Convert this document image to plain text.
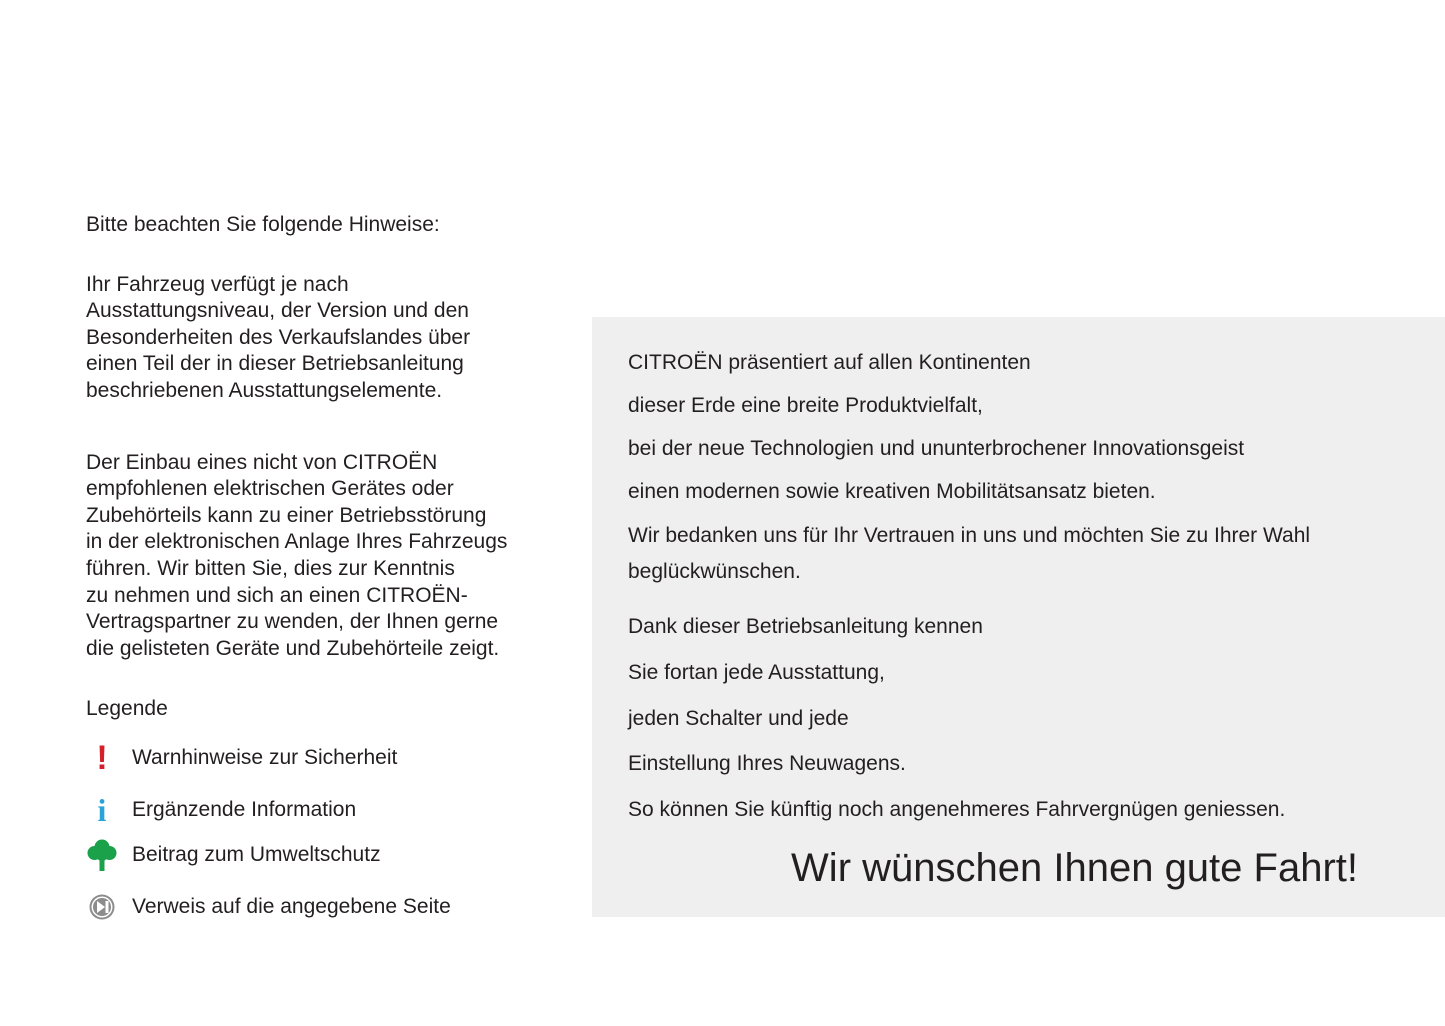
Bitte beachten Sie folgende Hinweise:

Ihr Fahrzeug verfügt je nach
Ausstattungsniveau, der Version und den
Besonderheiten des Verkaufslandes über
einen Teil der in dieser Betriebsanleitung
beschriebenen Ausstattungselemente.

Der Einbau eines nicht von CITROËN
empfohlenen elektrischen Gerätes oder
Zubehörteils kann zu einer Betriebsstörung
in der elektronischen Anlage Ihres Fahrzeugs
führen. Wir bitten Sie, dies zur Kenntnis
zu nehmen und sich an einen CITROËN-
Vertragspartner zu wenden, der Ihnen gerne
die gelisteten Geräte und Zubehörteile zeigt.

Legende

!	Warnhinweise zur Sicherheit
i	Ergänzende Information
Beitrag zum Umweltschutz
Verweis auf die angegebene Seite
CITROËN präsentiert auf allen Kontinenten
dieser Erde eine breite Produktvielfalt,
bei der neue Technologien und ununterbrochener Innovationsgeist
einen modernen sowie kreativen Mobilitätsansatz bieten.
Wir bedanken uns für Ihr Vertrauen in uns und möchten Sie zu Ihrer Wahl
beglückwünschen.
Dank dieser Betriebsanleitung kennen
Sie fortan jede Ausstattung,
jeden Schalter und jede
Einstellung Ihres Neuwagens.
So können Sie künftig noch angenehmeres Fahrvergnügen geniessen.
Wir wünschen Ihnen gute Fahrt!
